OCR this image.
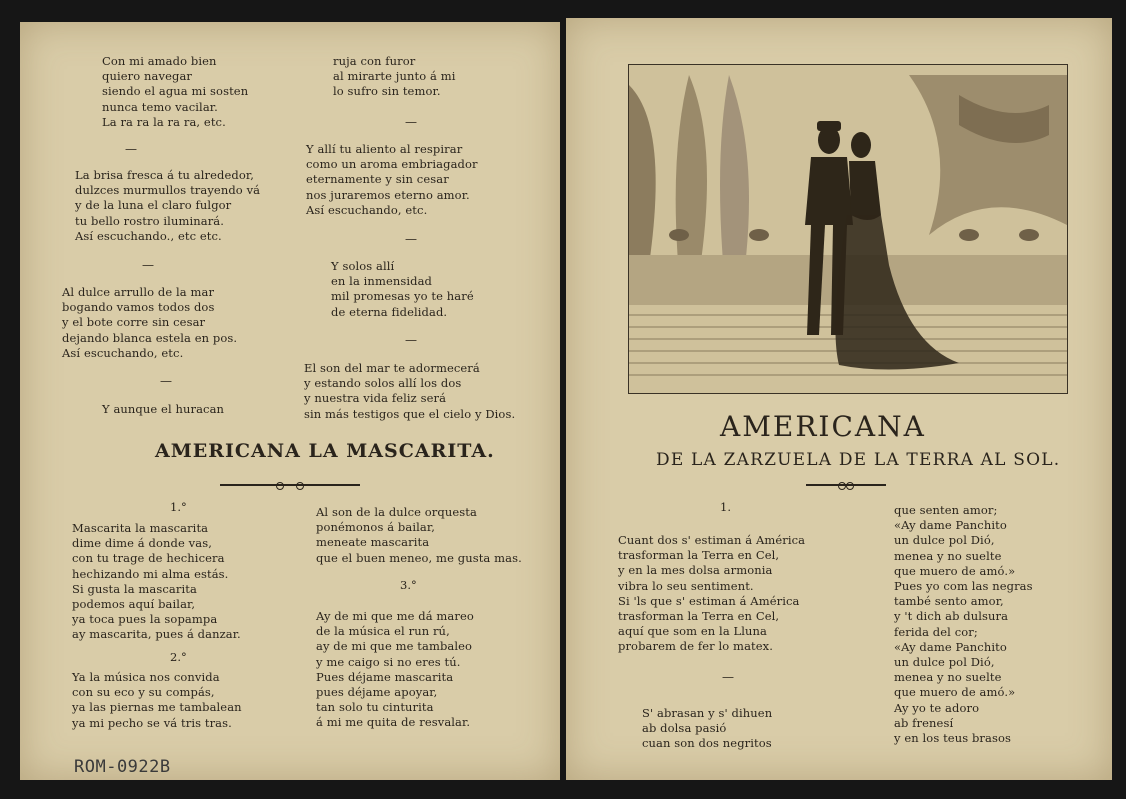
Con mi amado bien
quiero navegar
siendo el agua mi sosten
nunca temo vacilar.
La ra ra la ra ra, etc.
—
La brisa fresca á tu alrededor,
dulzces murmullos trayendo vá
y de la luna el claro fulgor
tu bello rostro iluminará.
Así escuchando., etc etc.
—
Al dulce arrullo de la mar
bogando vamos todos dos
y el bote corre sin cesar
dejando blanca estela en pos.
Así escuchando, etc.
—
Y aunque el huracan
ruja con furor
al mirarte junto á mi
lo sufro sin temor.
—
Y allí tu aliento al respirar
como un aroma embriagador
eternamente y sin cesar
nos juraremos eterno amor.
Así escuchando, etc.
—
Y solos allí
en la inmensidad
mil promesas yo te haré
de eterna fidelidad.
—
El son del mar te adormecerá
y estando solos allí los dos
y nuestra vida feliz será
sin más testigos que el cielo y Dios.
AMERICANA LA MASCARITA.
1.°
Mascarita la mascarita
dime dime á donde vas,
con tu trage de hechicera
hechizando mi alma estás.
Si gusta la mascarita
podemos aquí bailar,
ya toca pues la sopampa
ay mascarita, pues á danzar.
2.°
Ya la música nos convida
con su eco y su compás,
ya las piernas me tambalean
ya mi pecho se vá tris tras.
Al son de la dulce orquesta
ponémonos á bailar,
meneate mascarita
que el buen meneo, me gusta mas.
3.°
Ay de mi que me dá mareo
de la música el run rú,
ay de mi que me tambaleo
y me caigo si no eres tú.
Pues déjame mascarita
pues déjame apoyar,
tan solo tu cinturita
á mi me quita de resvalar.
ROM-0922B
AMERICANA
DE LA ZARZUELA DE LA TERRA AL SOL.
1.
Cuant dos s' estiman á América
trasforman la Terra en Cel,
y en la mes dolsa armonia
vibra lo seu sentiment.
Si 'ls que s' estiman á América
trasforman la Terra en Cel,
aquí que som en la Lluna
probarem de fer lo matex.
—
S' abrasan y s' dihuen
ab dolsa pasió
cuan son dos negritos
que senten amor;
«Ay dame Panchito
un dulce pol Dió,
menea y no suelte
que muero de amó.»
Pues yo com las negras
també sento amor,
y 't dich ab dulsura
ferida del cor;
«Ay dame Panchito
un dulce pol Dió,
menea y no suelte
que muero de amó.»
Ay yo te adoro
ab frenesí
y en los teus brasos
